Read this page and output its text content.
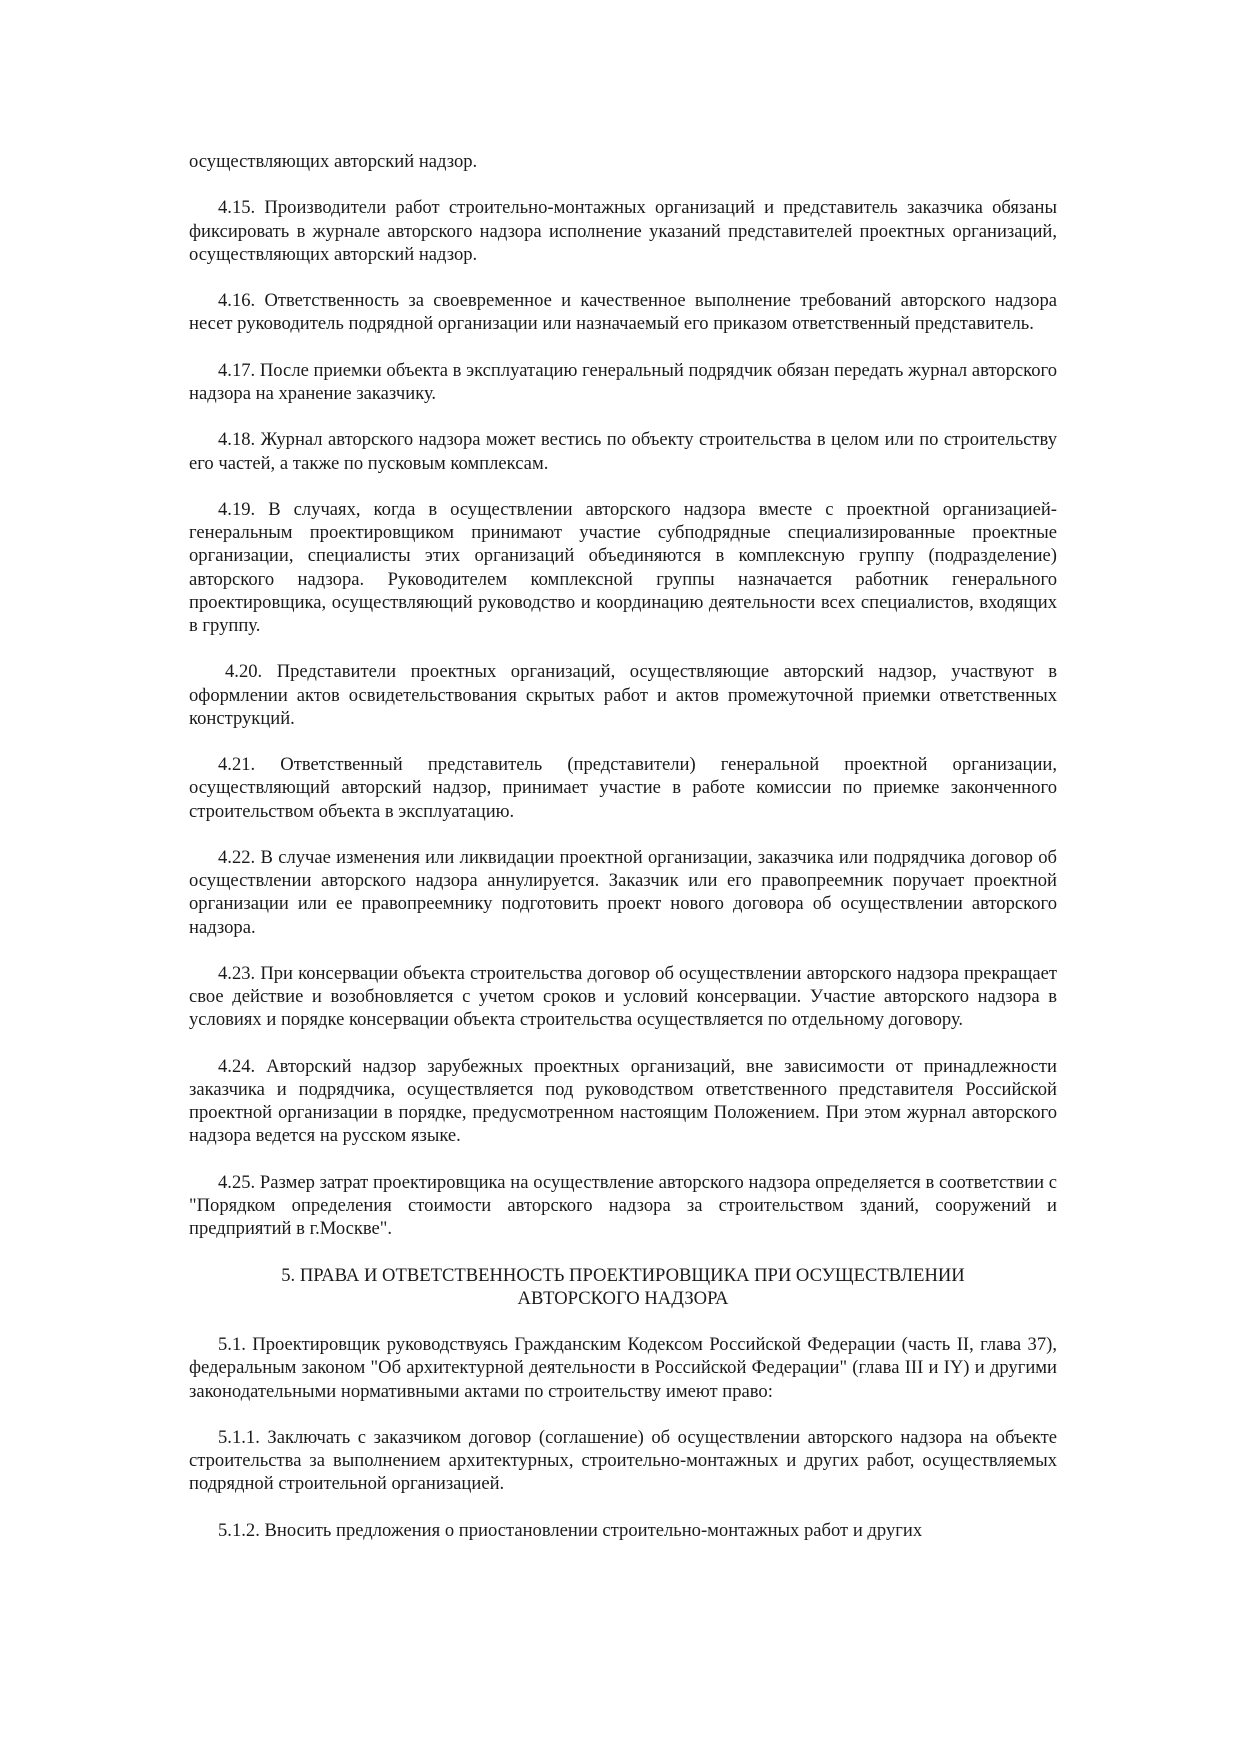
осуществляющих авторский надзор.

4.15. Производители работ строительно-монтажных организаций и представитель заказчика обязаны фиксировать в журнале авторского надзора исполнение указаний представителей проектных организаций, осуществляющих авторский надзор.

4.16. Ответственность за своевременное и качественное выполнение требований авторского надзора несет руководитель подрядной организации или назначаемый его приказом ответственный представитель.

4.17. После приемки объекта в эксплуатацию генеральный подрядчик обязан передать журнал авторского надзора на хранение заказчику.

4.18. Журнал авторского надзора может вестись по объекту строительства в целом или по строительству его частей, а также по пусковым комплексам.

4.19. В случаях, когда в осуществлении авторского надзора вместе с проектной организацией-генеральным проектировщиком принимают участие субподрядные специализированные проектные организации, специалисты этих организаций объединяются в комплексную группу (подразделение) авторского надзора. Руководителем комплексной группы назначается работник генерального проектировщика, осуществляющий руководство и координацию деятельности всех специалистов, входящих в группу.

4.20. Представители проектных организаций, осуществляющие авторский надзор, участвуют в оформлении актов освидетельствования скрытых работ и актов промежуточной приемки ответственных конструкций.

4.21. Ответственный представитель (представители) генеральной проектной организации, осуществляющий авторский надзор, принимает участие в работе комиссии по приемке законченного строительством объекта в эксплуатацию.

4.22. В случае изменения или ликвидации проектной организации, заказчика или подрядчика договор об осуществлении авторского надзора аннулируется. Заказчик или его правопреемник поручает проектной организации или ее правопреемнику подготовить проект нового договора об осуществлении авторского надзора.

4.23. При консервации объекта строительства договор об осуществлении авторского надзора прекращает свое действие и возобновляется с учетом сроков и условий консервации. Участие авторского надзора в условиях и порядке консервации объекта строительства осуществляется по отдельному договору.

4.24. Авторский надзор зарубежных проектных организаций, вне зависимости от принадлежности заказчика и подрядчика, осуществляется под руководством ответственного представителя Российской проектной организации в порядке, предусмотренном настоящим Положением. При этом журнал авторского надзора ведется на русском языке.

4.25. Размер затрат проектировщика на осуществление авторского надзора определяется в соответствии с "Порядком определения стоимости авторского надзора за строительством зданий, сооружений и предприятий в г.Москве".

5. ПРАВА И ОТВЕТСТВЕННОСТЬ ПРОЕКТИРОВЩИКА ПРИ ОСУЩЕСТВЛЕНИИ
АВТОРСКОГО НАДЗОРА

5.1. Проектировщик руководствуясь Гражданским Кодексом Российской Федерации (часть II, глава 37), федеральным законом "Об архитектурной деятельности в Российской Федерации" (глава III и IY) и другими законодательными нормативными актами по строительству имеют право:

5.1.1. Заключать с заказчиком договор (соглашение) об осуществлении авторского надзора на объекте строительства за выполнением архитектурных, строительно-монтажных и других работ, осуществляемых подрядной строительной организацией.

5.1.2. Вносить предложения о приостановлении строительно-монтажных работ и других
